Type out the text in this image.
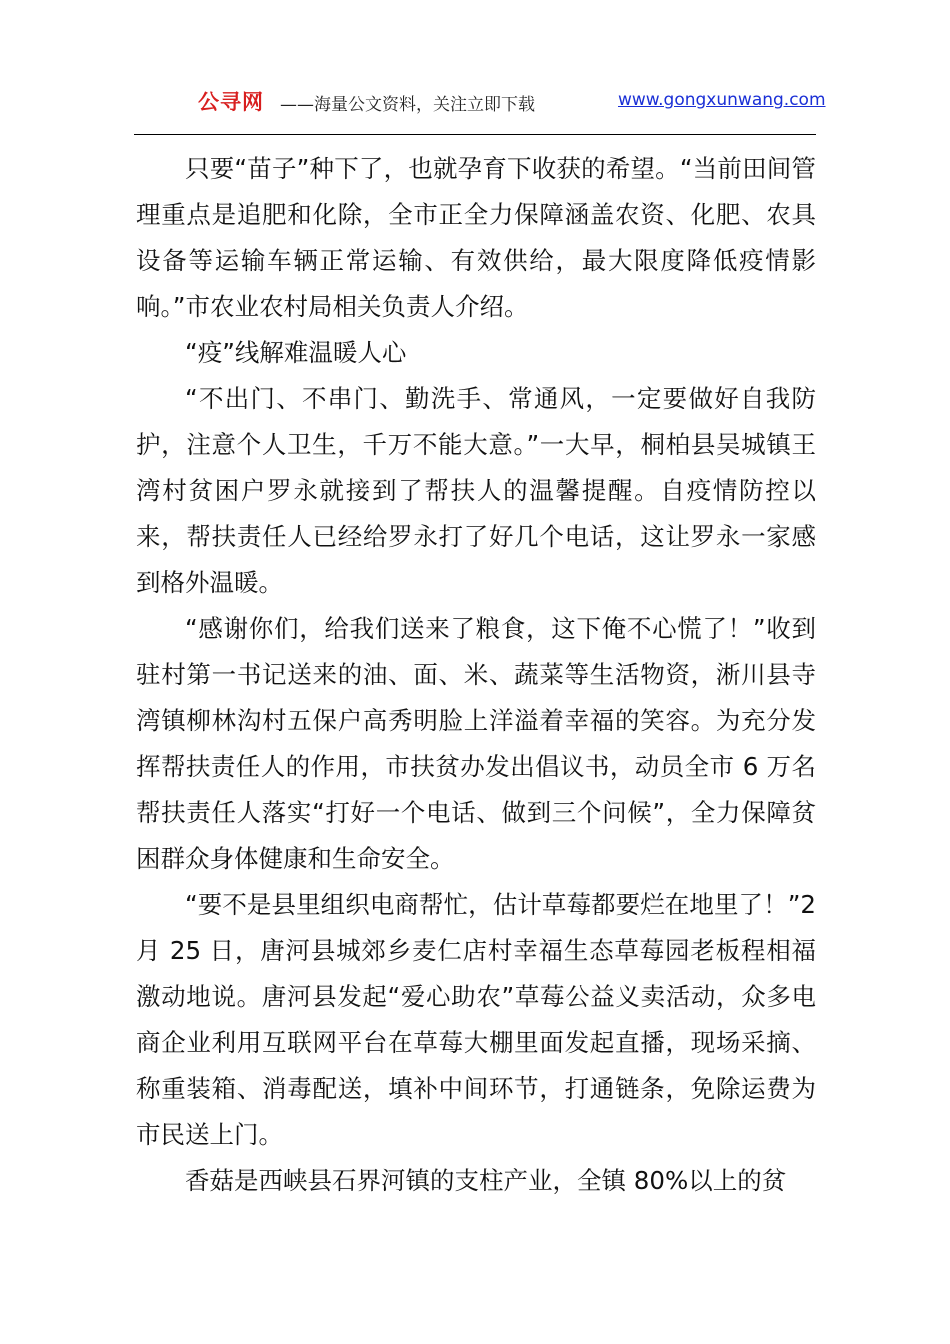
公寻网 ——海量公文资料，关注立即下载	www.gongxunwang.com

只要“苗子”种下了，也就孕育下收获的希望。“当前田间管理重点是追肥和化除，全市正全力保障涵盖农资、化肥、农具设备等运输车辆正常运输、有效供给，最大限度降低疫情影响。”市农业农村局相关负责人介绍。

“疫”线解难温暖人心

“不出门、不串门、勤洗手、常通风，一定要做好自我防护，注意个人卫生，千万不能大意。”一大早，桐柏县吴城镇王湾村贫困户罗永就接到了帮扶人的温馨提醒。自疫情防控以来，帮扶责任人已经给罗永打了好几个电话，这让罗永一家感到格外温暖。

“感谢你们，给我们送来了粮食，这下俺不心慌了！”收到驻村第一书记送来的油、面、米、蔬菜等生活物资，淅川县寺湾镇柳林沟村五保户高秀明脸上洋溢着幸福的笑容。为充分发挥帮扶责任人的作用，市扶贫办发出倡议书，动员全市 6 万名帮扶责任人落实“打好一个电话、做到三个问候”，全力保障贫困群众身体健康和生命安全。

“要不是县里组织电商帮忙，估计草莓都要烂在地里了！”2 月 25 日，唐河县城郊乡麦仁店村幸福生态草莓园老板程相福激动地说。唐河县发起“爱心助农”草莓公益义卖活动，众多电商企业利用互联网平台在草莓大棚里面发起直播，现场采摘、称重装箱、消毒配送，填补中间环节，打通链条，免除运费为市民送上门。

香菇是西峡县石界河镇的支柱产业，全镇 80%以上的贫
